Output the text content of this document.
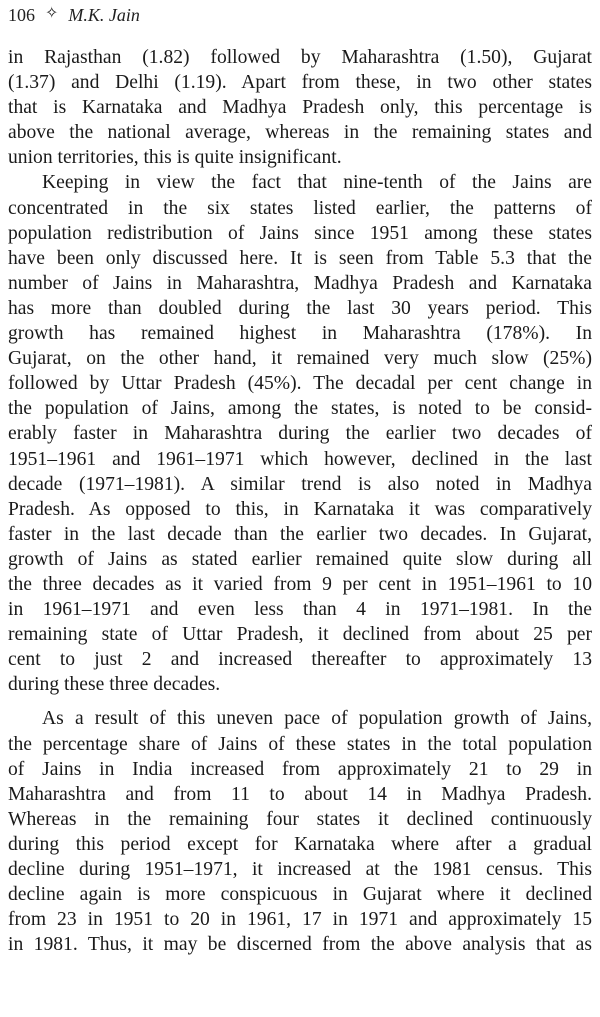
106 ✧ M.K. Jain
in Rajasthan (1.82) followed by Maharashtra (1.50), Gujarat
(1.37) and Delhi (1.19). Apart from these, in two other states
that is Karnataka and Madhya Pradesh only, this percentage is
above the national average, whereas in the remaining states and
union territories, this is quite insignificant.
Keeping in view the fact that nine-tenth of the Jains are
concentrated in the six states listed earlier, the patterns of
population redistribution of Jains since 1951 among these states
have been only discussed here. It is seen from Table 5.3 that the
number of Jains in Maharashtra, Madhya Pradesh and Karnataka
has more than doubled during the last 30 years period. This
growth has remained highest in Maharashtra (178%). In
Gujarat, on the other hand, it remained very much slow (25%)
followed by Uttar Pradesh (45%). The decadal per cent change in
the population of Jains, among the states, is noted to be consid-
erably faster in Maharashtra during the earlier two decades of
1951–1961 and 1961–1971 which however, declined in the last
decade (1971–1981). A similar trend is also noted in Madhya
Pradesh. As opposed to this, in Karnataka it was comparatively
faster in the last decade than the earlier two decades. In Gujarat,
growth of Jains as stated earlier remained quite slow during all
the three decades as it varied from 9 per cent in 1951–1961 to 10
in 1961–1971 and even less than 4 in 1971–1981. In the
remaining state of Uttar Pradesh, it declined from about 25 per
cent to just 2 and increased thereafter to approximately 13
during these three decades.
As a result of this uneven pace of population growth of Jains,
the percentage share of Jains of these states in the total population
of Jains in India increased from approximately 21 to 29 in
Maharashtra and from 11 to about 14 in Madhya Pradesh.
Whereas in the remaining four states it declined continuously
during this period except for Karnataka where after a gradual
decline during 1951–1971, it increased at the 1981 census. This
decline again is more conspicuous in Gujarat where it declined
from 23 in 1951 to 20 in 1961, 17 in 1971 and approximately 15
in 1981. Thus, it may be discerned from the above analysis that as
